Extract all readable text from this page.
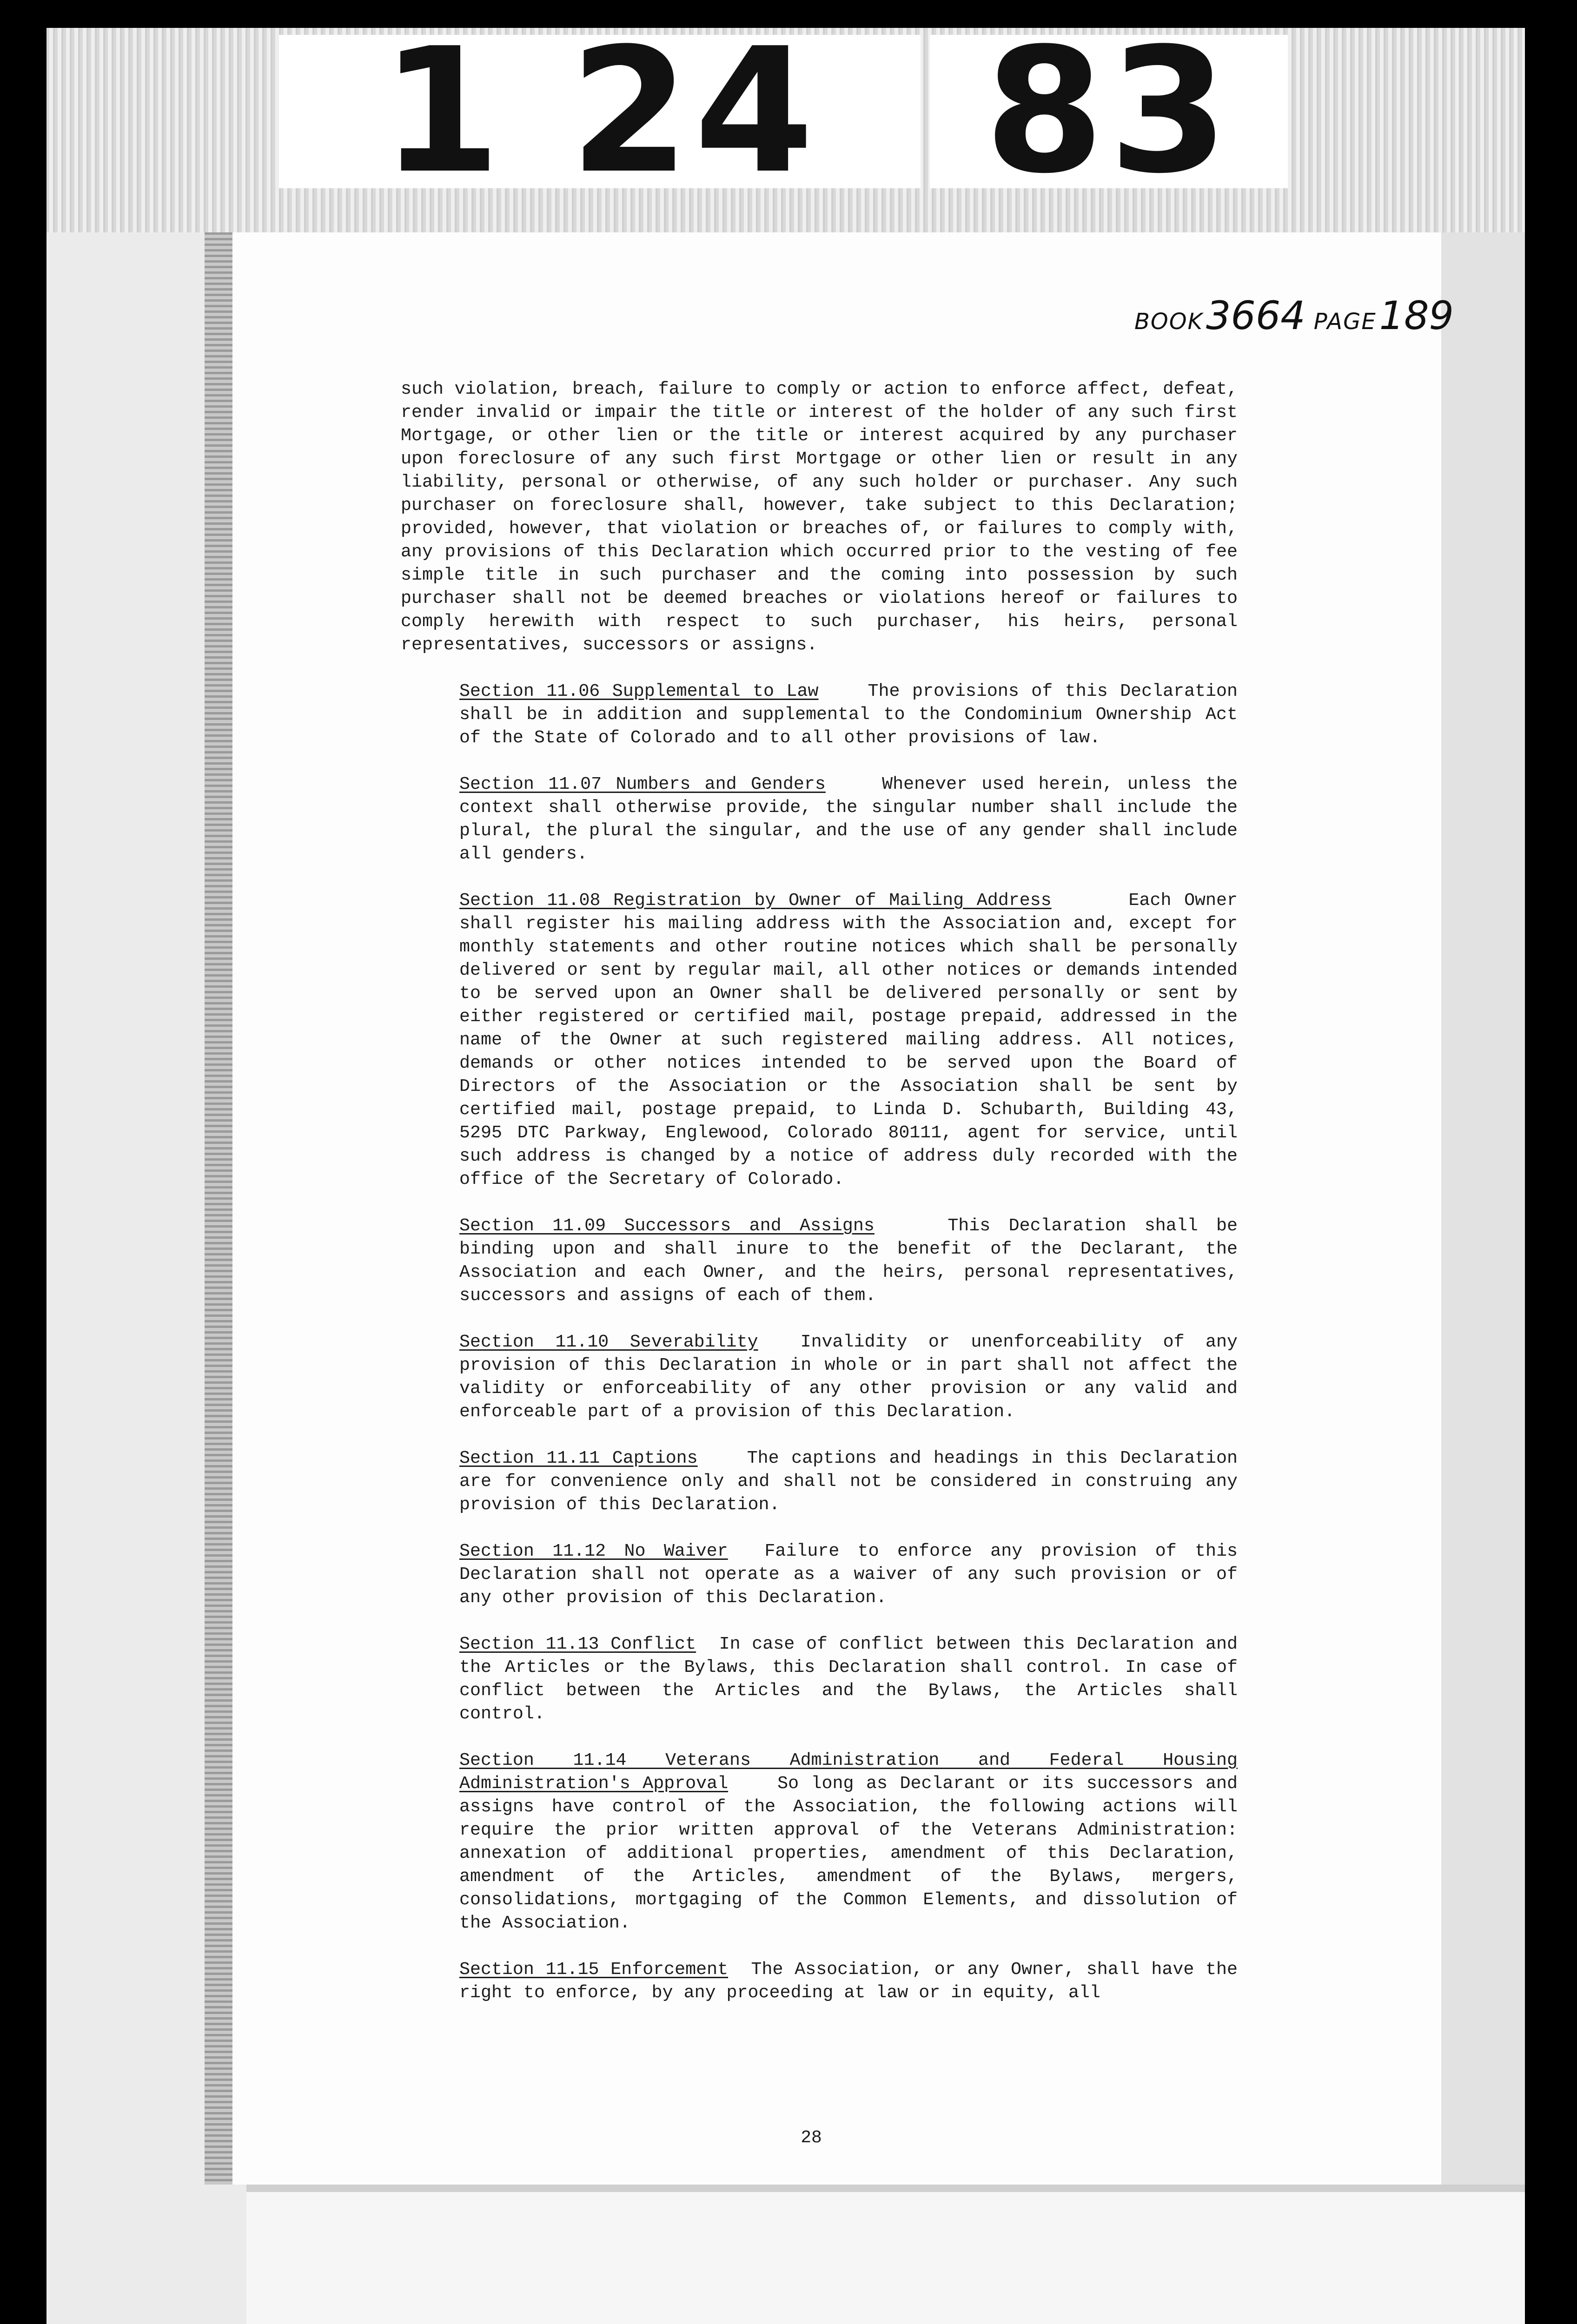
1 24 83
BOOK3664 PAGE189

such violation, breach, failure to comply or action to enforce affect, defeat, render invalid or impair the title or interest of the holder of any such first Mortgage, or other lien or the title or interest acquired by any purchaser upon foreclosure of any such first Mortgage or other lien or result in any liability, personal or otherwise, of any such holder or purchaser. Any such purchaser on foreclosure shall, however, take subject to this Declaration; provided, however, that violation or breaches of, or failures to comply with, any provisions of this Declaration which occurred prior to the vesting of fee simple title in such purchaser and the coming into possession by such purchaser shall not be deemed breaches or violations hereof or failures to comply herewith with respect to such purchaser, his heirs, personal representatives, successors or assigns.

Section 11.06 Supplemental to Law	The provisions of this Declaration shall be in addition and supplemental to the Condominium Ownership Act of the State of Colorado and to all other provisions of law.

Section 11.07 Numbers and Genders	Whenever used herein, unless the context shall otherwise provide, the singular number shall include the plural, the plural the singular, and the use of any gender shall include all genders.

Section 11.08 Registration by Owner of Mailing Address	Each Owner shall register his mailing address with the Association and, except for monthly statements and other routine notices which shall be personally delivered or sent by regular mail, all other notices or demands intended to be served upon an Owner shall be delivered personally or sent by either registered or certified mail, postage prepaid, addressed in the name of the Owner at such registered mailing address. All notices, demands or other notices intended to be served upon the Board of Directors of the Association or the Association shall be sent by certified mail, postage prepaid, to Linda D. Schubarth, Building 43, 5295 DTC Parkway, Englewood, Colorado 80111, agent for service, until such address is changed by a notice of address duly recorded with the office of the Secretary of Colorado.

Section 11.09 Successors and Assigns	This Declaration shall be binding upon and shall inure to the benefit of the Declarant, the Association and each Owner, and the heirs, personal representatives, successors and assigns of each of them.

Section 11.10 Severability Invalidity or unenforceability of any provision of this Declaration in whole or in part shall not affect the validity or enforceability of any other provision or any valid and enforceable part of a provision of this Declaration.

Section 11.11 Captions	The captions and headings in this Declaration are for convenience only and shall not be considered in construing any provision of this Declaration.

Section 11.12 No Waiver Failure to enforce any provision of this Declaration shall not operate as a waiver of any such provision or of any other provision of this Declaration.

Section 11.13 Conflict In case of conflict between this Declaration and the Articles or the Bylaws, this Declaration shall control. In case of conflict between the Articles and the Bylaws, the Articles shall control.

Section 11.14 Veterans Administration and Federal Housing Administration's Approval	So long as Declarant or its successors and assigns have control of the Association, the following actions will require the prior written approval of the Veterans Administration: annexation of additional properties, amendment of this Declaration, amendment of the Articles, amendment of the Bylaws, mergers, consolidations, mortgaging of the Common Elements, and dissolution of the Association.

Section 11.15 Enforcement The Association, or any Owner, shall have the right to enforce, by any proceeding at law or in equity, all

28
